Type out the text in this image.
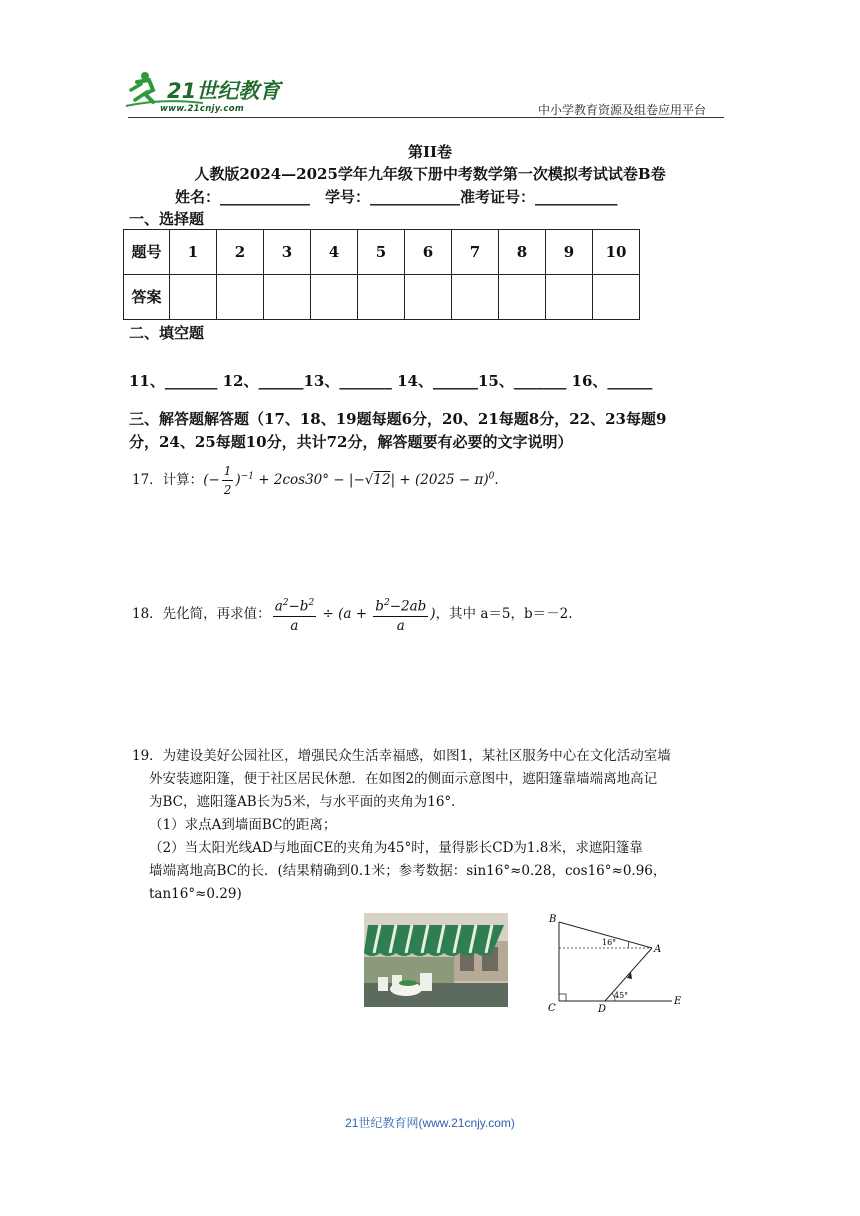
21世纪教育
www.21cnjy.com	中小学教育资源及组卷应用平台
第II卷
人教版2024—2025学年九年级下册中考数学第一次模拟考试试卷B卷
姓名：____________　学号：____________准考证号：___________
一、选择题
题号	1	2	3	4	5	6	7	8	9	10
答案										
二、填空题
11、_______ 12、______13、_______ 14、______15、_______ 16、______
三、解答题解答题（17、18、19题每题6分，20、21每题8分，22、23每题9
分，24、25每题10分，共计72分，解答题要有必要的文字说明）
17．计算：(− $\frac{1}{2} )^{-1} + 2\cos 30^\circ - |-√12| + (2025 - \pi)^0$.
18．先化简，再求值： $\frac{a^2-b^2}{a} \div (a + \frac{b^2-2ab}{a}$ )，其中 a＝5，b＝－2.
19．为建设美好公园社区，增强民众生活幸福感，如图1，某社区服务中心在文化活动室墙
外安装遮阳篷，便于社区居民休憩．在如图2的侧面示意图中，遮阳篷靠墙端离地高记
为BC，遮阳篷AB长为5米，与水平面的夹角为16°．
（1）求点A到墙面BC的距离；
（2）当太阳光线AD与地面CE的夹角为45°时，量得影长CD为1.8米，求遮阳篷靠
墙端离地高BC的长．(结果精确到0.1米；参考数据：sin16°≈0.28，cos16°≈0.96，
tan16°≈0.29)
B
A
C	D
E
16°
45°
21世纪教育网(www.21cnjy.com)
